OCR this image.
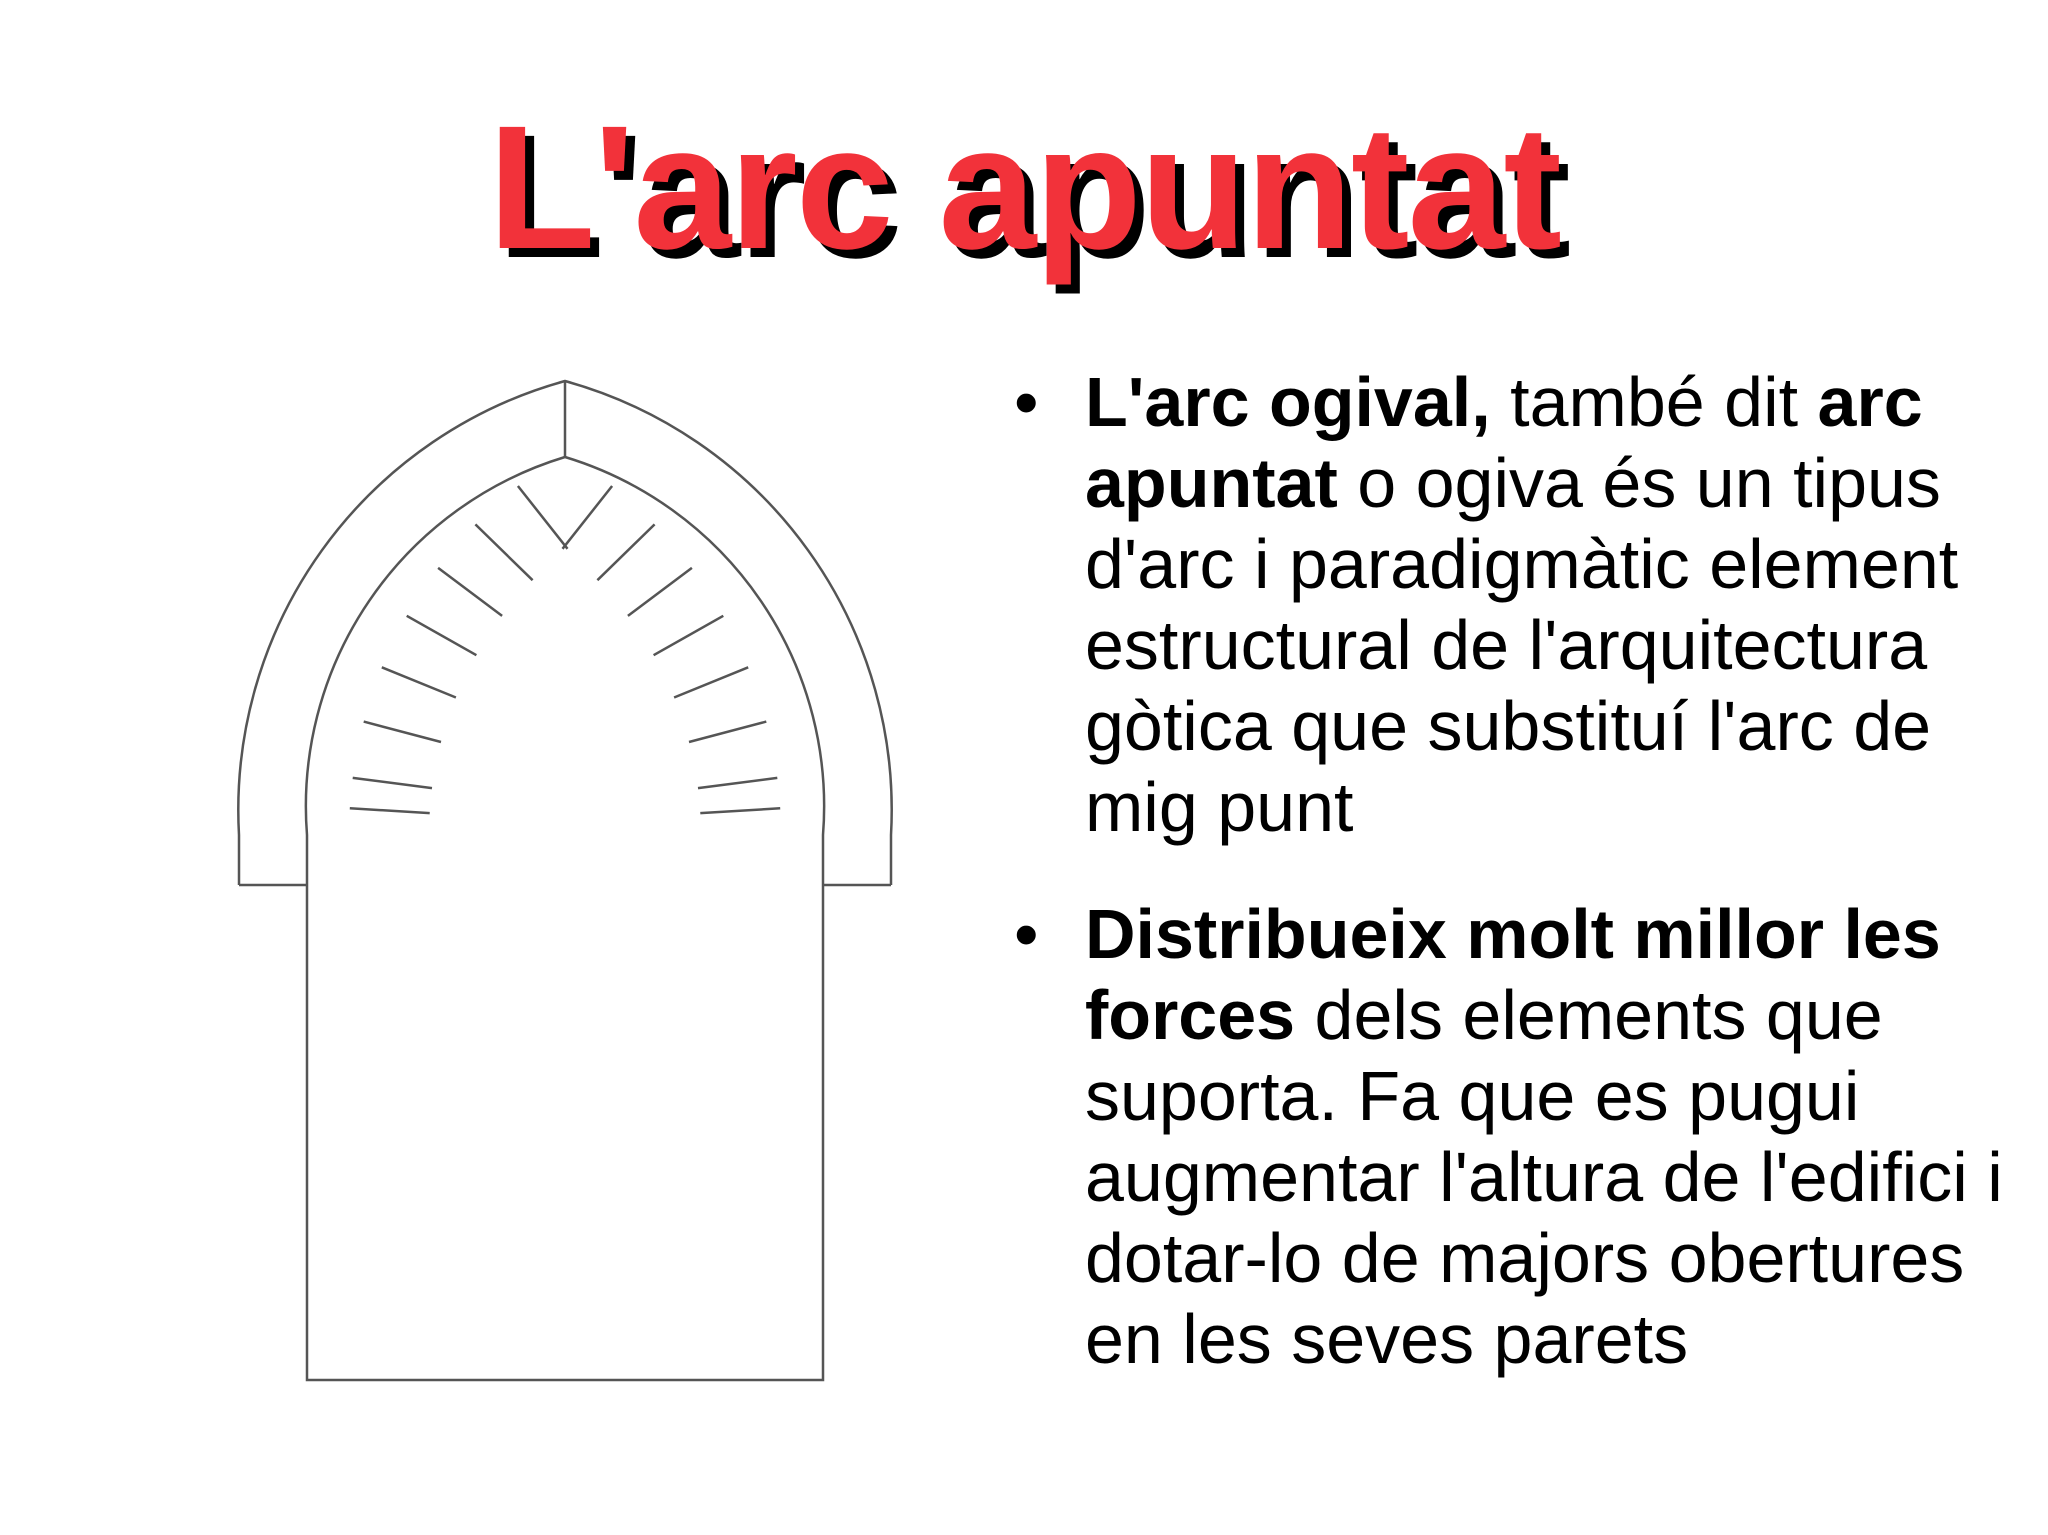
L'arc apuntat
• L'arc ogival, també dit arc apuntat o ogiva és un tipus d'arc i paradigmàtic element estructural de l'arquitectura gòtica que substituí l'arc de mig punt
• Distribueix molt millor les forces dels elements que suporta. Fa que es pugui augmentar l'altura de l'edifici i dotar-lo de majors obertures en les seves parets
